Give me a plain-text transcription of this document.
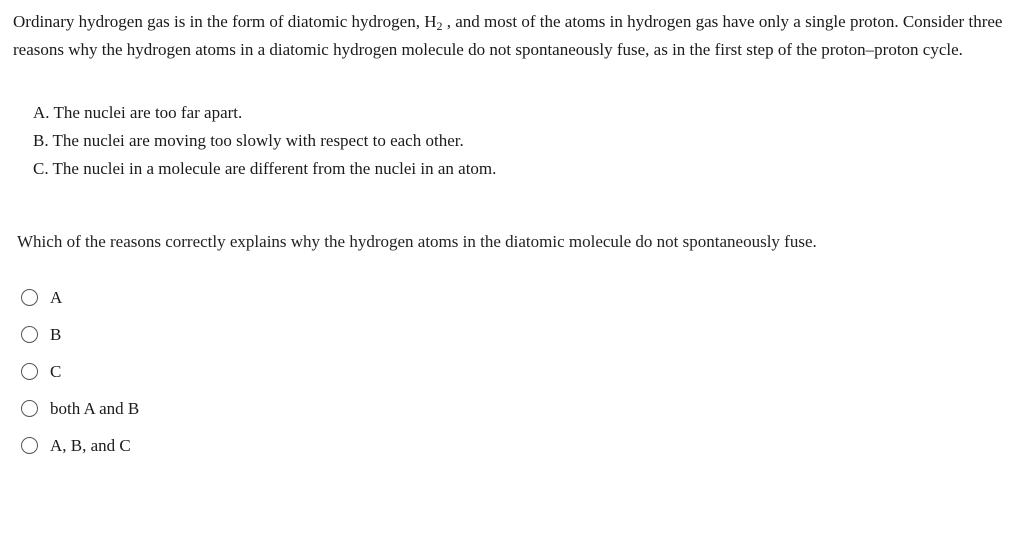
Ordinary hydrogen gas is in the form of diatomic hydrogen, $H_2$ , and most of the atoms in hydrogen gas have only a single proton. Consider three reasons why the hydrogen atoms in a diatomic hydrogen molecule do not spontaneously fuse, as in the first step of the proton–proton cycle.
A. The nuclei are too far apart.
B. The nuclei are moving too slowly with respect to each other.
C. The nuclei in a molecule are different from the nuclei in an atom.
Which of the reasons correctly explains why the hydrogen atoms in the diatomic molecule do not spontaneously fuse.
A
B
C
both A and B
A, B, and C
